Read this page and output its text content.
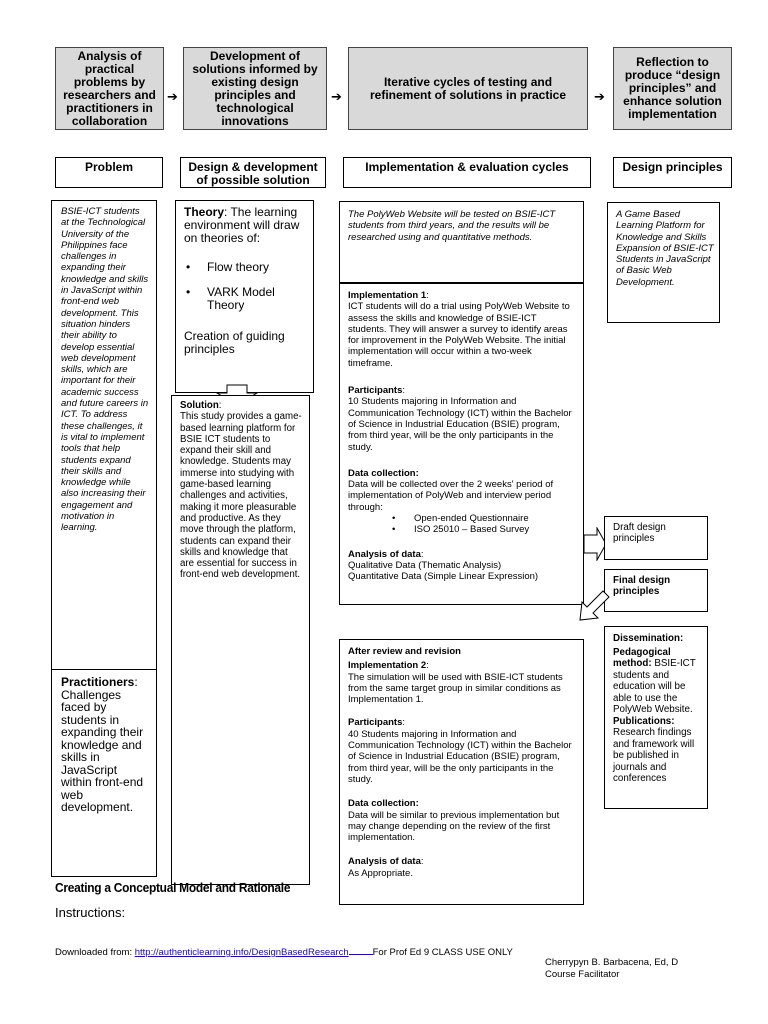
Analysis of practical problems by researchers and practitioners in collaboration
➔
Development of solutions informed by existing design principles and technological innovations
➔
Iterative cycles of testing and refinement of solutions in practice	➔
Reflection to produce “design principles” and enhance solution implementation
Problem	Design & development of possible solution
Implementation & evaluation cycles	Design principles

BSIE-ICT students at the Technological University of the Philippines face challenges in expanding their knowledge and skills in JavaScript within front-end web development. This situation hinders their ability to develop essential web development skills, which are important for their academic success and future careers in ICT. To address these challenges, it is vital to implement tools that help students expand their skills and knowledge while also increasing their engagement and motivation in learning.

Practitioners:
Challenges faced by students in expanding their knowledge and skills in JavaScript within front-end web development.

Theory: The learning environment will draw on theories of:

• Flow theory
• VARK Model Theory

Creation of guiding principles

Solution:

This study provides a game-based learning platform for BSIE ICT students to expand their skill and knowledge. Students may immerse into studying with game-based learning challenges and activities, making it more pleasurable and productive. As they move through the platform, students can expand their skills and knowledge that are essential for success in front-end web development.

The PolyWeb Website will be tested on BSIE-ICT students from third years, and the results will be researched using and quantitative methods.

Implementation 1:

ICT students will do a trial using PolyWeb Website to assess the skills and knowledge of BSIE-ICT students. They will answer a survey to identify areas for improvement in the PolyWeb Website. The initial implementation will occur within a two-week timeframe.

Participants:

10 Students majoring in Information and Communication Technology (ICT) within the Bachelor of Science in Industrial Education (BSIE) program, from third year, will be the only participants in the study.

Data collection:

Data will be collected over the 2 weeks' period of implementation of PolyWeb and interview period through:

• Open-ended Questionnaire
• ISO 25010 – Based Survey

Analysis of data:

Qualitative Data (Thematic Analysis)

Quantitative Data (Simple Linear Expression)

After review and revision

Implementation 2:

The simulation will be used with BSIE-ICT students from the same target group in similar conditions as Implementation 1.

Participants:

40 Students majoring in Information and Communication Technology (ICT) within the Bachelor of Science in Industrial Education (BSIE) program, from third year, will be the only participants in the study.

Data collection:

Data will be similar to previous implementation but may change depending on the review of the first implementation.

Analysis of data:

As Appropriate.

A Game Based Learning Platform for Knowledge and Skills Expansion of BSIE-ICT Students in JavaScript of Basic Web Development.

Draft design principles

Final design principles

Dissemination:

Pedagogical method: BSIE-ICT students and education will be able to use the PolyWeb Website.

Publications:

Research findings and framework will be published in journals and conferences

Creating a Conceptual Model and Rationale
Instructions:
Downloaded from: http://authenticlearning.info/DesignBasedResearch	For Prof Ed 9 CLASS USE ONLY

Cherrypyn B. Barbacena, Ed, D

Course Facilitator
